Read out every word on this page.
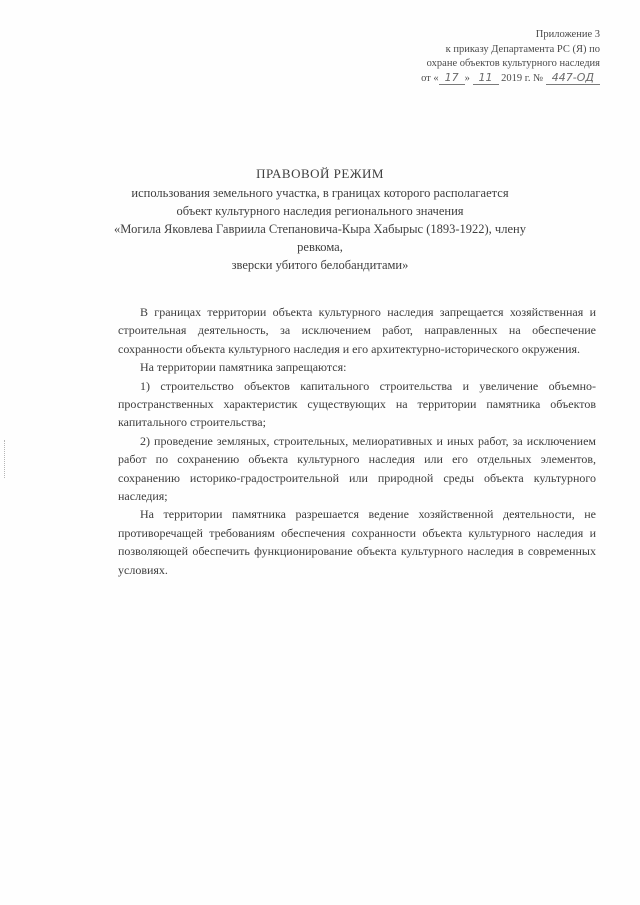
Приложение 3
к приказу Департамента РС (Я) по
охране объектов культурного наследия
от « 17 » 11 2019 г. № 447-ОД
ПРАВОВОЙ РЕЖИМ
использования земельного участка, в границах которого располагается
объект культурного наследия регионального значения
«Могила Яковлева Гавриила Степановича-Кыра Хабырыс (1893-1922), члену ревкома,
зверски убитого белобандитами»

В границах территории объекта культурного наследия запрещается хозяйственная и строительная деятельность, за исключением работ, направленных на обеспечение сохранности объекта культурного наследия и его архитектурно-исторического окружения.

На территории памятника запрещаются:

1) строительство объектов капитального строительства и увеличение объемно-пространственных характеристик существующих на территории памятника объектов капитального строительства;

2) проведение земляных, строительных, мелиоративных и иных работ, за исключением работ по сохранению объекта культурного наследия или его отдельных элементов, сохранению историко-градостроительной или природной среды объекта культурного наследия;

На территории памятника разрешается ведение хозяйственной деятельности, не противоречащей требованиям обеспечения сохранности объекта культурного наследия и позволяющей обеспечить функционирование объекта культурного наследия в современных условиях.
